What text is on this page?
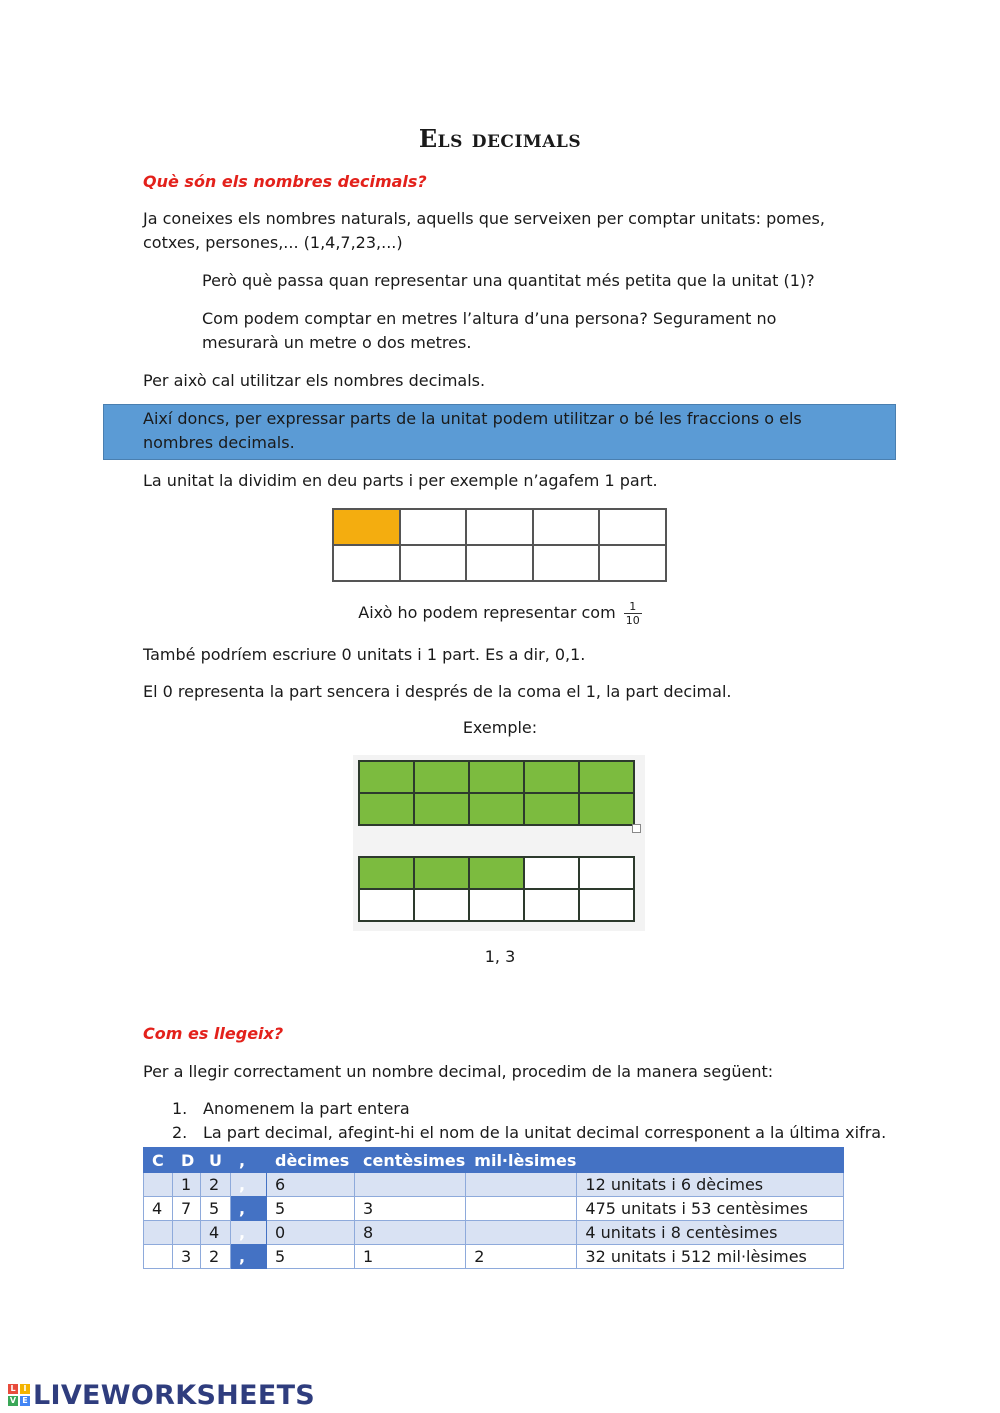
Els decimals
Què són els nombres decimals?
Ja coneixes els nombres naturals, aquells que serveixen per comptar unitats: pomes, cotxes, persones,... (1,4,7,23,...)
Però què passa quan representar una quantitat més petita que la unitat (1)?
Com podem comptar en metres l’altura d’una persona? Segurament no mesurarà un metre o dos metres.
Per això cal utilitzar els nombres decimals.
Així doncs, per expressar parts de la unitat podem utilitzar o bé les fraccions o els nombres decimals.
La unitat la dividim en deu parts i per exemple n’agafem 1 part.

Això ho podem representar com $\frac{1}{10}$
També podríem escriure 0 unitats i 1 part. Es a dir, 0,1.
El 0 representa la part sencera i després de la coma el 1, la part decimal.
Exemple:

1, 3
Com es llegeix?
Per a llegir correctament un nombre decimal, procedim de la manera següent:
1. Anomenem la part entera
2. La part decimal, afegint-hi el nom de la unitat decimal corresponent a la última xifra.
C	D	U	,	dècimes	centèsimes	mil·lèsimes	
	1	2	,	6			12 unitats i 6 dècimes
4	7	5	,	5	3		475 unitats i 53 centèsimes
		4	,	0	8		4 unitats i 8 centèsimes
	3	2	,	5	1	2	32 unitats i 512 mil·lèsimes
L I
V E LIVEWORKSHEETS
